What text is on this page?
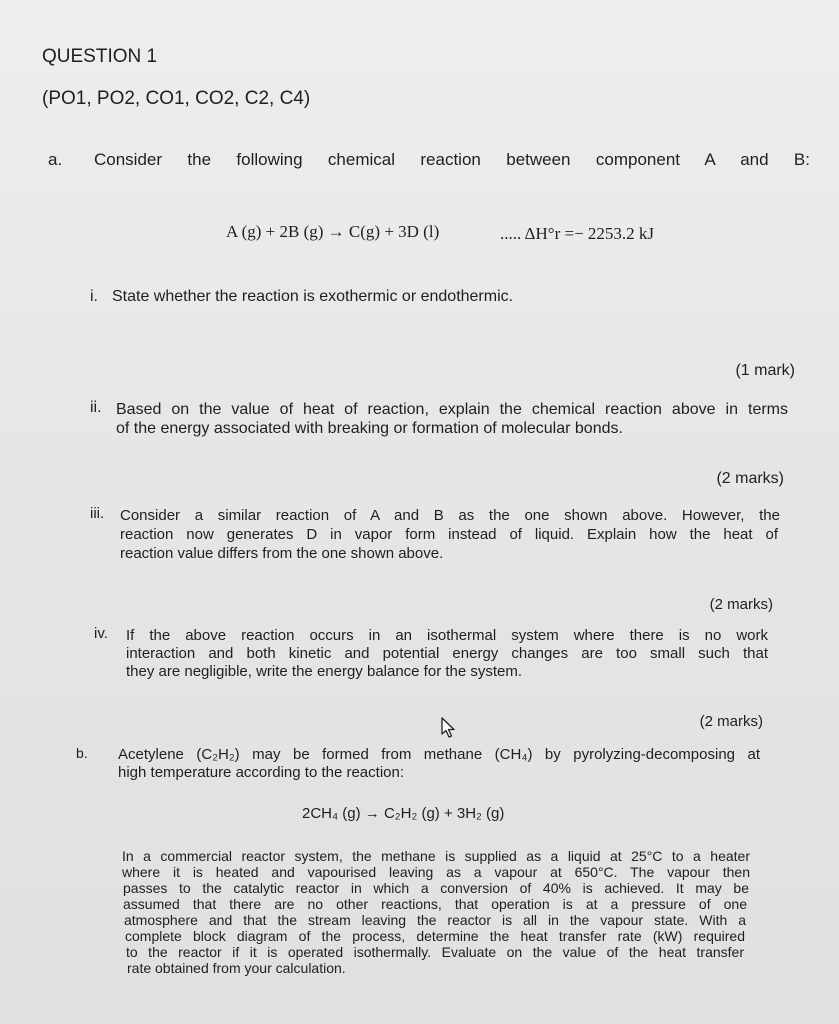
QUESTION 1
(PO1, PO2, CO1, CO2, C2, C4)
a. Consider the following chemical reaction between component A and B:
A (g) + 2B (g) → C(g) + 3D (l)	..... ΔH°r =− 2253.2 kJ
i. State whether the reaction is exothermic or endothermic.
(1 mark)
ii. Based on the value of heat of reaction, explain the chemical reaction above in terms
of the energy associated with breaking or formation of molecular bonds.
(2 marks)
iii. Consider a similar reaction of A and B as the one shown above. However, the
reaction now generates D in vapor form instead of liquid. Explain how the heat of
reaction value differs from the one shown above.
(2 marks)
iv. If the above reaction occurs in an isothermal system where there is no work
interaction and both kinetic and potential energy changes are too small such that
they are negligible, write the energy balance for the system.
(2 marks)
b. Acetylene (C₂H₂) may be formed from methane (CH₄) by pyrolyzing-decomposing at
high temperature according to the reaction:
2CH₄ (g) → C₂H₂ (g) + 3H₂ (g)
In a commercial reactor system, the methane is supplied as a liquid at 25°C to a heater
where it is heated and vapourised leaving as a vapour at 650°C. The vapour then
passes to the catalytic reactor in which a conversion of 40% is achieved. It may be
assumed that there are no other reactions, that operation is at a pressure of one
atmosphere and that the stream leaving the reactor is all in the vapour state. With a
complete block diagram of the process, determine the heat transfer rate (kW) required
to the reactor if it is operated isothermally. Evaluate on the value of the heat transfer
rate obtained from your calculation.
